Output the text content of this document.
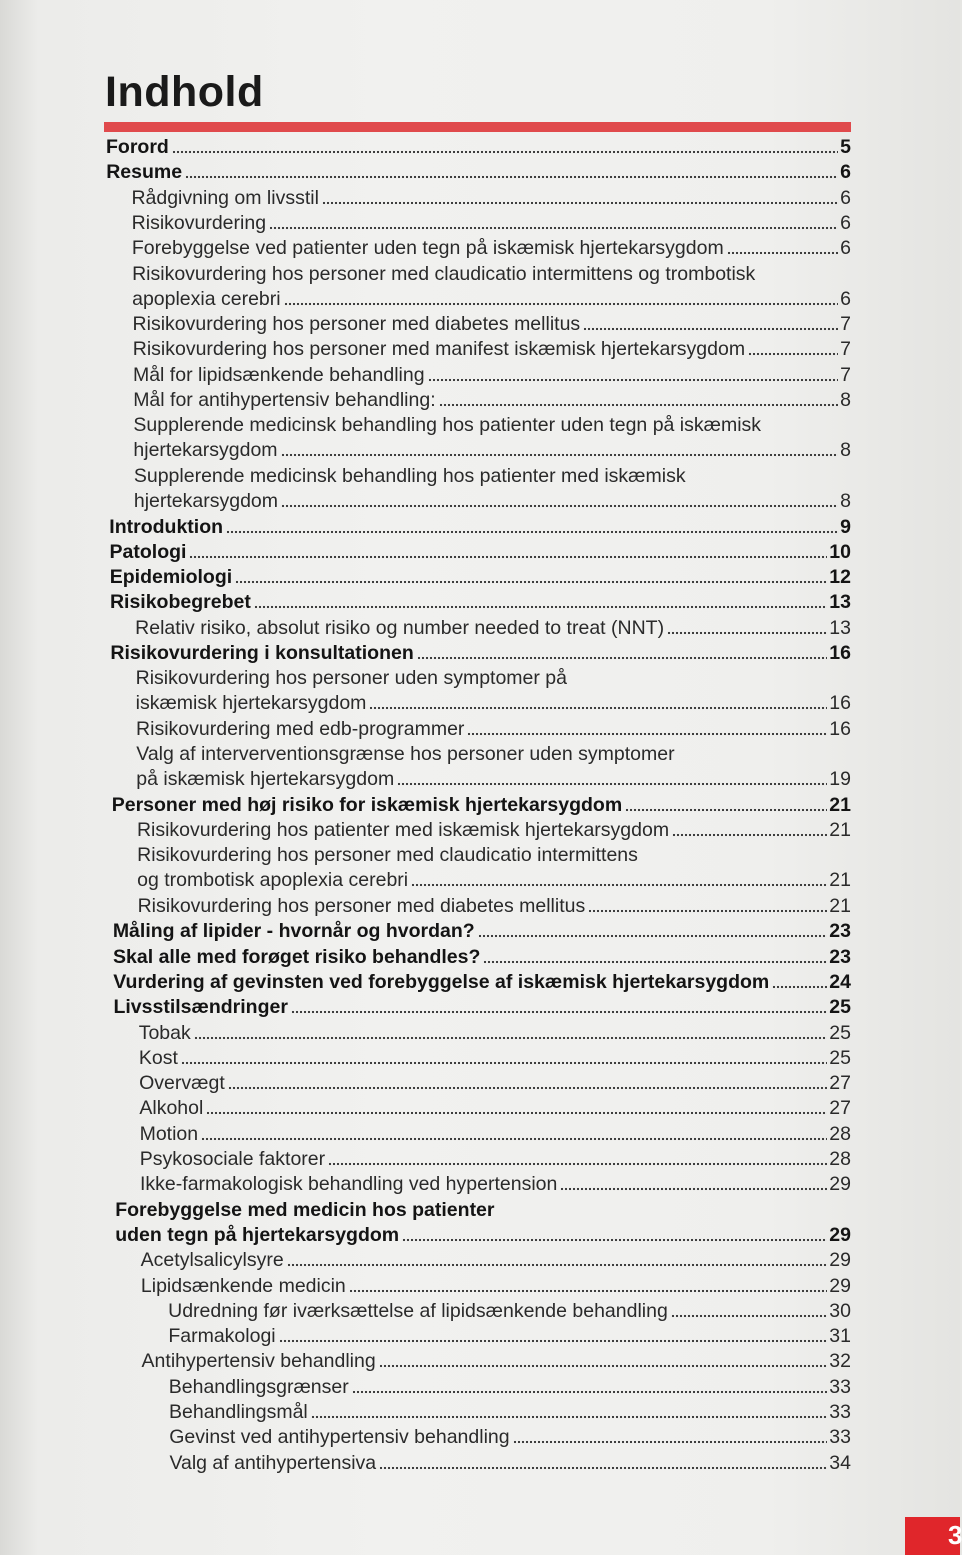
Indhold
Forord	5
Resume	6
Rådgivning om livsstil	6
Risikovurdering	6
Forebyggelse ved patienter uden tegn på iskæmisk hjertekarsygdom	6
Risikovurdering hos personer med claudicatio intermittens og trombotisk
apoplexia cerebri	6
Risikovurdering hos personer med diabetes mellitus	7
Risikovurdering hos personer med manifest iskæmisk hjertekarsygdom	7
Mål for lipidsænkende behandling	7
Mål for antihypertensiv behandling:	8
Supplerende medicinsk behandling hos patienter uden tegn på iskæmisk
hjertekarsygdom	8
Supplerende medicinsk behandling hos patienter med iskæmisk
hjertekarsygdom	8
Introduktion	9
Patologi	10
Epidemiologi	12
Risikobegrebet	13
Relativ risiko, absolut risiko og number needed to treat (NNT)	13
Risikovurdering i konsultationen	16
Risikovurdering hos personer uden symptomer på
iskæmisk hjertekarsygdom	16
Risikovurdering med edb-programmer	16
Valg af interverventionsgrænse hos personer uden symptomer
på iskæmisk hjertekarsygdom	19
Personer med høj risiko for iskæmisk hjertekarsygdom	21
Risikovurdering hos patienter med iskæmisk hjertekarsygdom	21
Risikovurdering hos personer med claudicatio intermittens
og trombotisk apoplexia cerebri	21
Risikovurdering hos personer med diabetes mellitus	21
Måling af lipider - hvornår og hvordan?	23
Skal alle med forøget risiko behandles?	23
Vurdering af gevinsten ved forebyggelse af iskæmisk hjertekarsygdom	24
Livsstilsændringer	25
Tobak	25
Kost	25
Overvægt	27
Alkohol	27
Motion	28
Psykosociale faktorer	28
Ikke-farmakologisk behandling ved hypertension	29
Forebyggelse med medicin hos patienter
uden tegn på hjertekarsygdom	29
Acetylsalicylsyre	29
Lipidsænkende medicin	29
Udredning før iværksættelse af lipidsænkende behandling	30
Farmakologi	31
Antihypertensiv behandling	32
Behandlingsgrænser	33
Behandlingsmål	33
Gevinst ved antihypertensiv behandling	33
Valg af antihypertensiva	34
3
